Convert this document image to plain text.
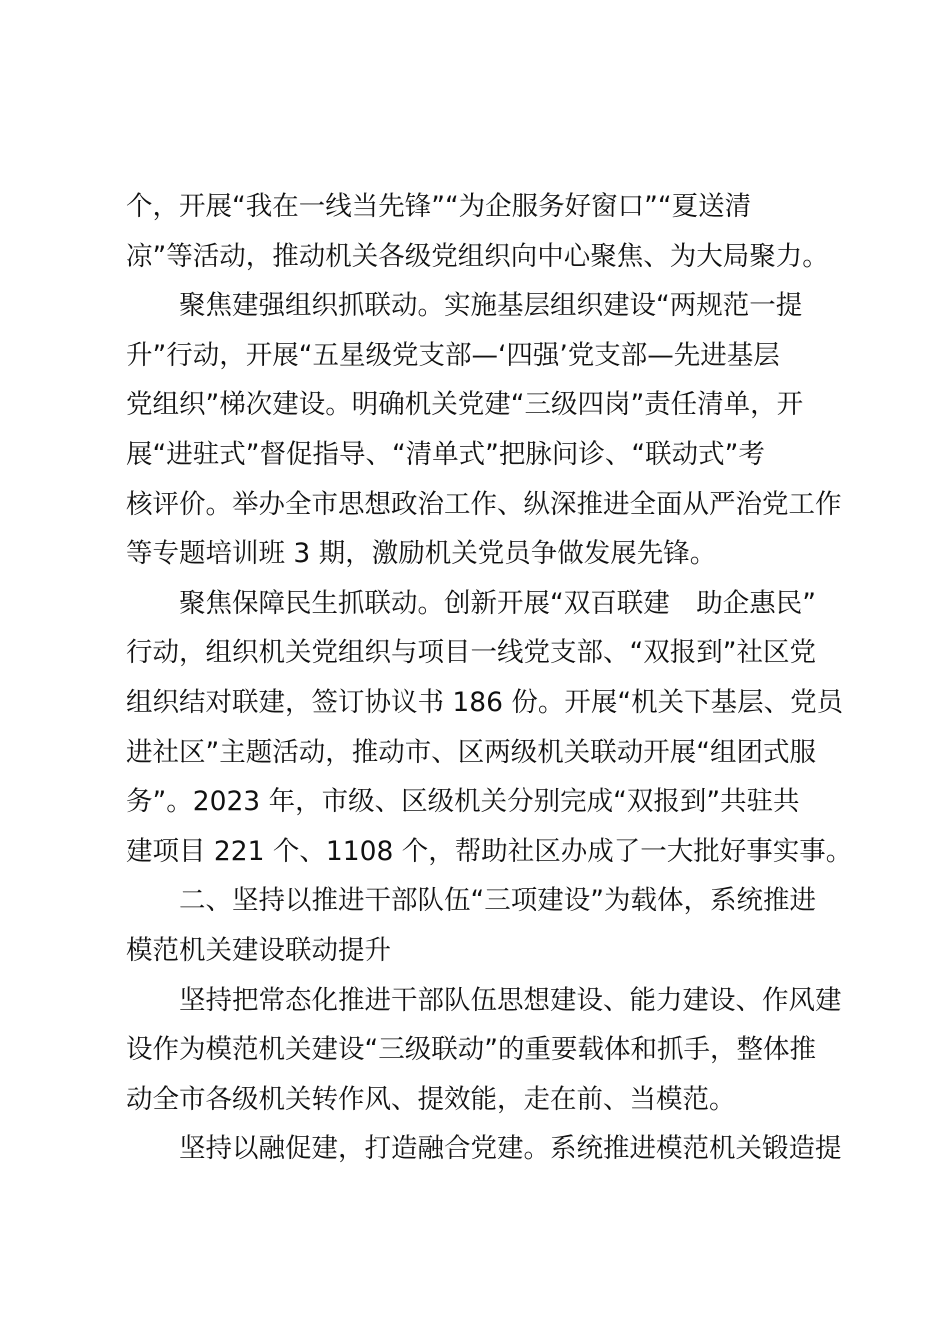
个，开展“我在一线当先锋”“为企服务好窗口”“夏送清
凉”等活动，推动机关各级党组织向中心聚焦、为大局聚力。
聚焦建强组织抓联动。实施基层组织建设“两规范一提
升”行动，开展“五星级党支部—‘四强’党支部—先进基层
党组织”梯次建设。明确机关党建“三级四岗”责任清单，开
展“进驻式”督促指导、“清单式”把脉问诊、“联动式”考
核评价。举办全市思想政治工作、纵深推进全面从严治党工作
等专题培训班 3 期，激励机关党员争做发展先锋。
聚焦保障民生抓联动。创新开展“双百联建　助企惠民”
行动，组织机关党组织与项目一线党支部、“双报到”社区党
组织结对联建，签订协议书 186 份。开展“机关下基层、党员
进社区”主题活动，推动市、区两级机关联动开展“组团式服
务”。2023 年，市级、区级机关分别完成“双报到”共驻共
建项目 221 个、1108 个，帮助社区办成了一大批好事实事。
二、坚持以推进干部队伍“三项建设”为载体，系统推进
模范机关建设联动提升
坚持把常态化推进干部队伍思想建设、能力建设、作风建
设作为模范机关建设“三级联动”的重要载体和抓手，整体推
动全市各级机关转作风、提效能，走在前、当模范。
坚持以融促建，打造融合党建。系统推进模范机关锻造提
